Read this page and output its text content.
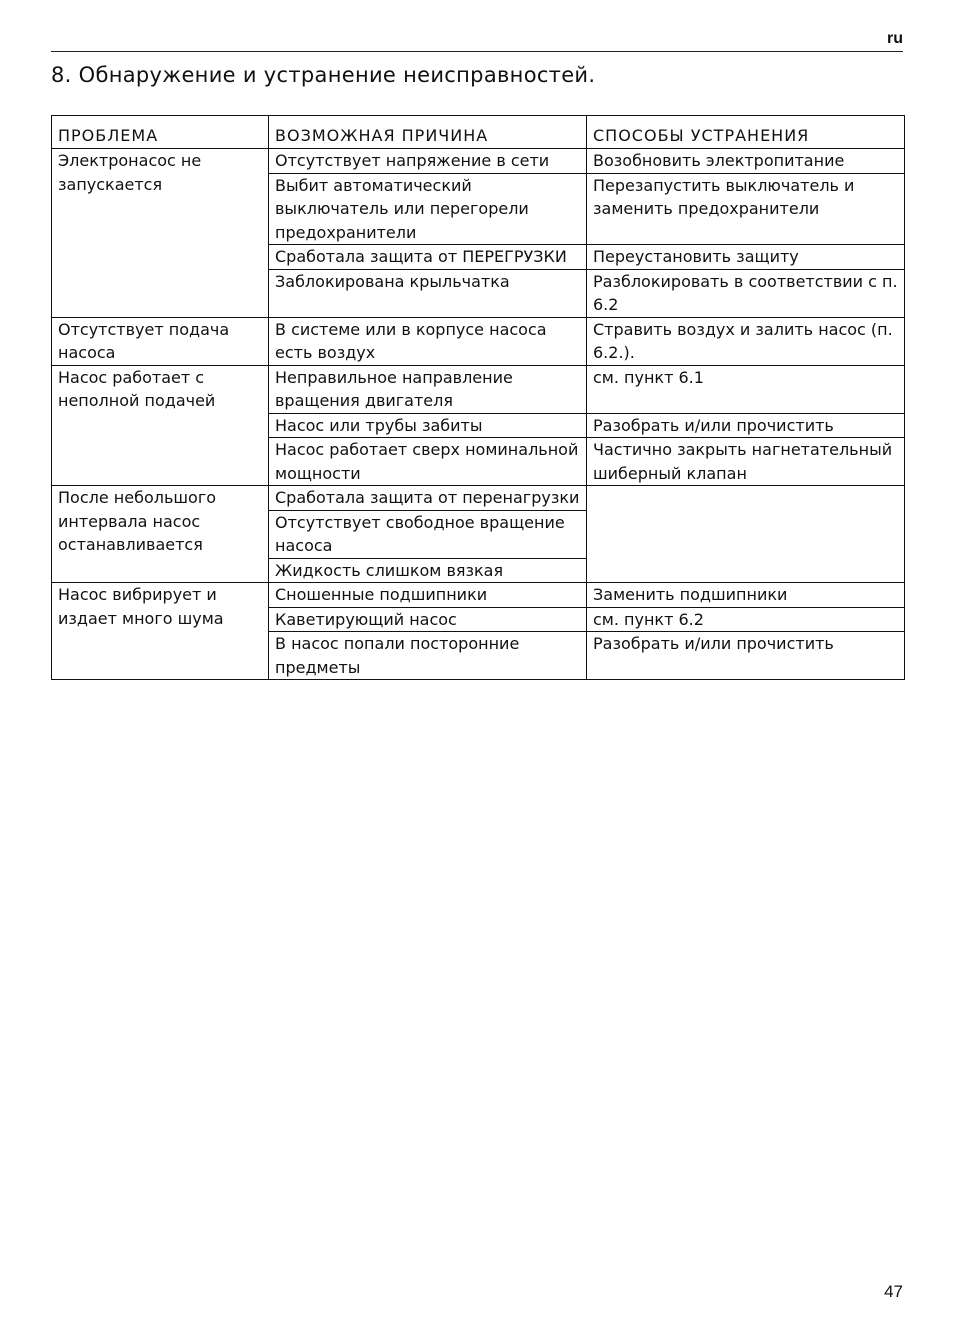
ru
8. Обнаружение и устранение неисправностей.
ПРОБЛЕМА	ВОЗМОЖНАЯ ПРИЧИНА	СПОСОБЫ УСТРАНЕНИЯ
Электронасос не запускается	Отсутствует напряжение в сети	Возобновить электропитание
	Выбит автоматический выключатель или перегорели предохранители	Перезапустить выключатель и заменить предохранители
	Сработала защита от ПЕРЕГРУЗКИ	Переустановить защиту
	Заблокирована крыльчатка	Разблокировать в соответствии с п. 6.2
Отсутствует подача насоса	В системе или в корпусе насоса есть воздух	Стравить воздух и залить насос (п. 6.2.).
Насос работает с неполной подачей	Неправильное направление вращения двигателя	см. пункт 6.1
	Насос или трубы забиты	Разобрать и/или прочистить
	Насос работает сверх номинальной мощности	Частично закрыть нагнетательный шиберный клапан
После небольшого интервала насос останавливается	Сработала защита от перенагрузки	
	Отсутствует свободное вращение насоса	
	Жидкость слишком вязкая	
Насос вибрирует и издает много шума	Сношенные подшипники	Заменить подшипники
	Каветирующий насос	см. пункт 6.2
	В насос попали посторонние предметы	Разобрать и/или прочистить
47
